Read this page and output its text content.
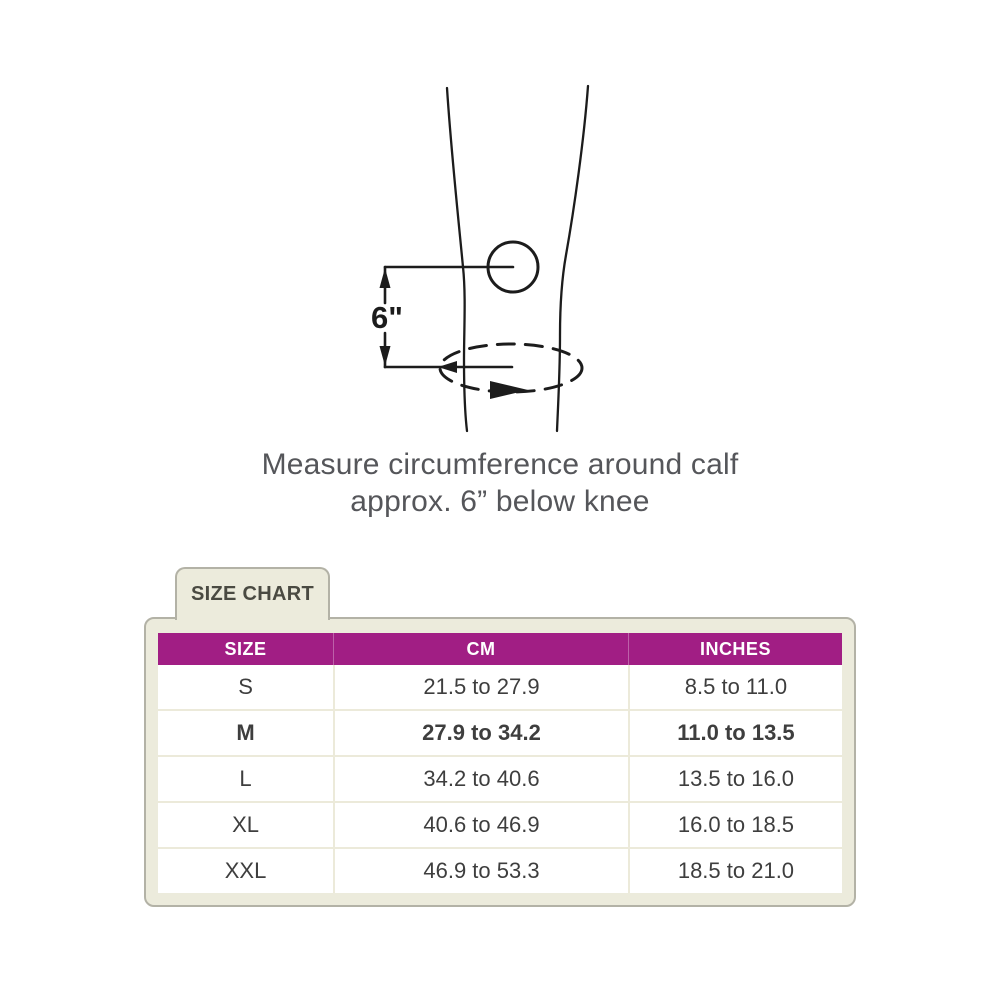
6"
Measure circumference around calf
approx. 6” below knee
SIZE CHART
SIZE	CM	INCHES
S	21.5 to 27.9	8.5 to 11.0
M	27.9 to 34.2	11.0 to 13.5
L	34.2 to 40.6	13.5 to 16.0
XL	40.6 to 46.9	16.0 to 18.5
XXL	46.9 to 53.3	18.5 to 21.0
